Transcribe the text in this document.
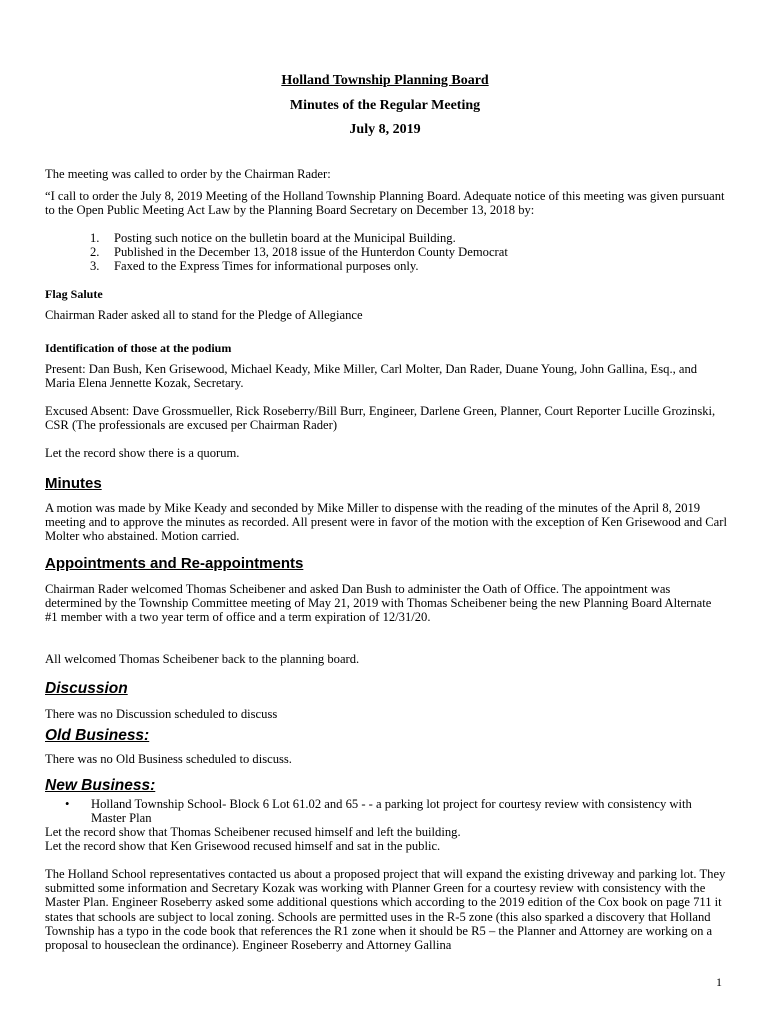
Holland Township Planning Board
Minutes of the Regular Meeting
July 8, 2019

The meeting was called to order by the Chairman Rader:

“I call to order the July 8, 2019 Meeting of the Holland Township Planning Board. Adequate notice of this meeting was given pursuant to the Open Public Meeting Act Law by the Planning Board Secretary on December 13, 2018 by:

1. Posting such notice on the bulletin board at the Municipal Building.
2. Published in the December 13, 2018 issue of the Hunterdon County Democrat
3. Faxed to the Express Times for informational purposes only.
Flag Salute

Chairman Rader asked all to stand for the Pledge of Allegiance

Identification of those at the podium

Present: Dan Bush, Ken Grisewood, Michael Keady, Mike Miller, Carl Molter, Dan Rader, Duane Young, John Gallina, Esq., and Maria Elena Jennette Kozak, Secretary.

Excused Absent: Dave Grossmueller, Rick Roseberry/Bill Burr, Engineer, Darlene Green, Planner, Court Reporter Lucille Grozinski, CSR (The professionals are excused per Chairman Rader)

Let the record show there is a quorum.

Minutes

A motion was made by Mike Keady and seconded by Mike Miller to dispense with the reading of the minutes of the April 8, 2019 meeting and to approve the minutes as recorded. All present were in favor of the motion with the exception of Ken Grisewood and Carl Molter who abstained. Motion carried.

Appointments and Re-appointments

Chairman Rader welcomed Thomas Scheibener and asked Dan Bush to administer the Oath of Office. The appointment was determined by the Township Committee meeting of May 21, 2019 with Thomas Scheibener being the new Planning Board Alternate #1 member with a two year term of office and a term expiration of 12/31/20.

All welcomed Thomas Scheibener back to the planning board.

Discussion

There was no Discussion scheduled to discuss

Old Business:

There was no Old Business scheduled to discuss.

New Business:
•	Holland Township School- Block 6 Lot 61.02 and 65 - - a parking lot project for courtesy review with consistency with Master Plan

Let the record show that Thomas Scheibener recused himself and left the building.

Let the record show that Ken Grisewood recused himself and sat in the public.

The Holland School representatives contacted us about a proposed project that will expand the existing driveway and parking lot. They submitted some information and Secretary Kozak was working with Planner Green for a courtesy review with consistency with the Master Plan. Engineer Roseberry asked some additional questions which according to the 2019 edition of the Cox book on page 711 it states that schools are subject to local zoning. Schools are permitted uses in the R-5 zone (this also sparked a discovery that Holland Township has a typo in the code book that references the R1 zone when it should be R5 – the Planner and Attorney are working on a proposal to houseclean the ordinance). Engineer Roseberry and Attorney Gallina

1
